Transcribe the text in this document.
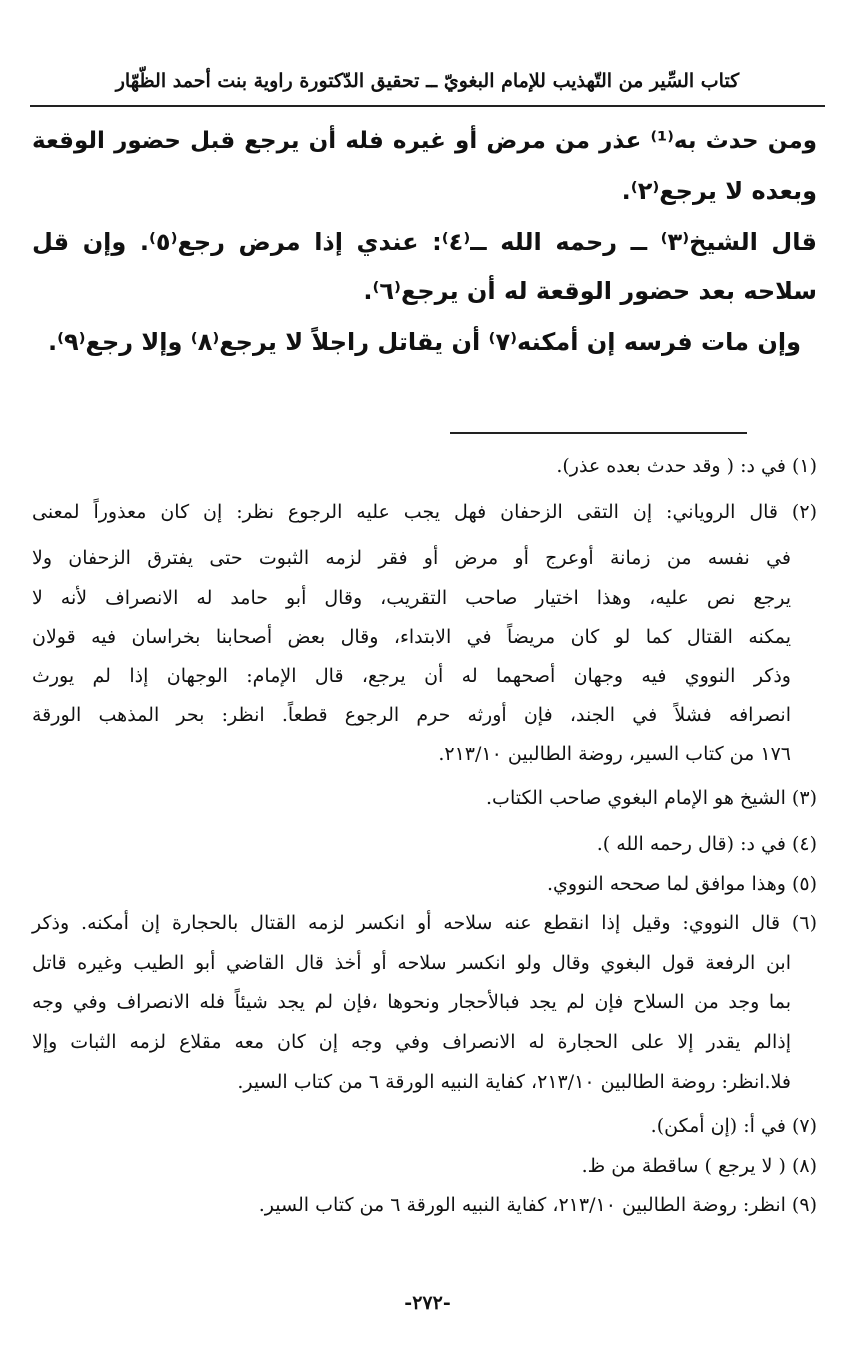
كتاب السِّير من التّهذيب للإمام البغويّ ــ تحقيق الدّكتورة راوية بنت أحمد الظّهّار
ومن حدث به⁽¹⁾ عذر من مرض أو غيره فله أن يرجع قبل حضور الوقعة
وبعده لا يرجع⁽٢⁾.
قال الشيخ⁽٣⁾ ــ رحمه الله ــ⁽٤⁾: عندي إذا مرض رجع⁽٥⁾. وإن قل
سلاحه بعد حضور الوقعة له أن يرجع⁽٦⁾.
وإن مات فرسه إن أمكنه⁽٧⁾ أن يقاتل راجلاً لا يرجع⁽٨⁾ وإلا رجع⁽٩⁾.
(١) في د: ( وقد حدث بعده عذر).
(٢) قال الروياني: إن التقى الزحفان فهل يجب عليه الرجوع نظر: إن كان معذوراً لمعنى
في نفسه من زمانة أوعرج أو مرض أو فقر لزمه الثبوت حتى يفترق الزحفان ولا
يرجع نص عليه، وهذا اختيار صاحب التقريب، وقال أبو حامد له الانصراف لأنه لا
يمكنه القتال كما لو كان مريضاً في الابتداء، وقال بعض أصحابنا بخراسان فيه قولان
وذكر النووي فيه وجهان أصحهما له أن يرجع، قال الإمام: الوجهان إذا لم يورث
انصرافه فشلاً في الجند، فإن أورثه حرم الرجوع قطعاً. انظر: بحر المذهب الورقة
١٧٦ من كتاب السير، روضة الطالبين ٢١٣/١٠.
(٣) الشيخ هو الإمام البغوي صاحب الكتاب.
(٤) في د: (قال رحمه الله ).
(٥) وهذا موافق لما صححه النووي.
(٦) قال النووي: وقيل إذا انقطع عنه سلاحه أو انكسر لزمه القتال بالحجارة إن أمكنه. وذكر
ابن الرفعة قول البغوي وقال ولو انكسر سلاحه أو أخذ قال القاضي أبو الطيب وغيره قاتل
بما وجد من السلاح فإن لم يجد فبالأحجار ونحوها ،فإن لم يجد شيئاً فله الانصراف وفي وجه
إذالم يقدر إلا على الحجارة له الانصراف وفي وجه إن كان معه مقلاع لزمه الثبات وإلا
فلا.انظر: روضة الطالبين ٢١٣/١٠، كفاية النبيه الورقة ٦ من كتاب السير.
(٧) في أ: (إن أمكن).
(٨) ( لا يرجع ) ساقطة من ظ.
(٩) انظر: روضة الطالبين ٢١٣/١٠، كفاية النبيه الورقة ٦ من كتاب السير.
-٢٧٢-
